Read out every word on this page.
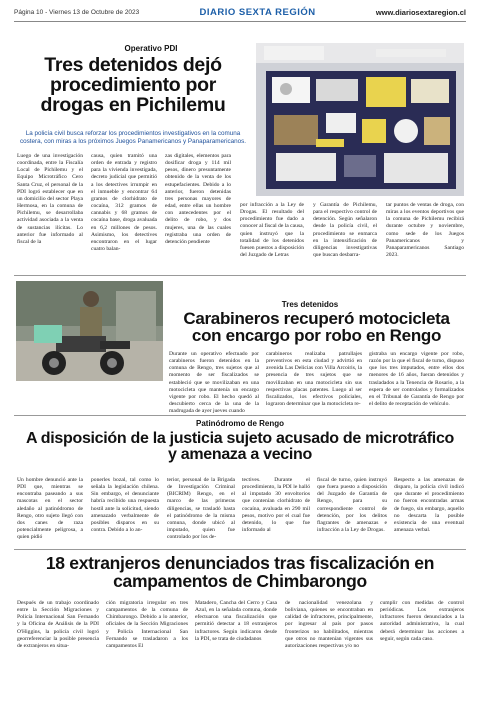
Página 10 - Viernes 13 de Octubre de 2023	DIARIO SEXTA REGIÓN	www.diariosextaregion.cl
Operativo PDI
Tres detenidos dejó procedimiento por drogas en Pichilemu
La policía civil busca reforzar los procedimientos investigativos en la comuna costera, con miras a los próximos Juegos Panamericanos y Panaparamericanos.
Luego de una investigación coordinada, entre la Fiscalía Local de Pichilemu y el Equipo Microtráfico Cero Santa Cruz, el personal de la PDI logró establecer que en un domicilio del sector Playa Hermosa, en la comuna de Pichilemu, se desarrollaba actividad asociada a la venta de sustancias ilícitas. Lo anterior fue informado al fiscal de la
causa, quien tramitó una orden de entrada y registro para la vivienda investigada, decreto judicial que permitió a los detectives irrumpir en el inmueble y encontrar 64 gramos de clorhidrato de cocaína, 312 gramos de cannabis y 68 gramos de cocaína base, droga avaluada en 6,2 millones de pesos. Asimismo, los detectives encontraron en el lugar cuatro balan-
zas digitales, elementos para dosificar droga y 114 mil pesos, dinero presuntamente obtenido de la venta de los estupefacientes. Debido a lo anterior, fueron detenidas tres personas mayores de edad, entre ellas un hombre con antecedentes por el delito de robo, y dos mujeres, una de las cuales registraba una orden de detención pendiente
por infracción a la Ley de Drogas. El resultado del procedimiento fue dado a conocer al fiscal de la causa, quien instruyó que la totalidad de los detenidos fuesen puestos a disposición del Juzgado de Letras
y Garantía de Pichilemu, para el respectivo control de detención. Según señalaron desde la policía civil, el procedimiento se enmarca en la intensificación de diligencias investigativas que buscan desbarra-
tar puntos de ventas de droga, con miras a los eventos deportivos que la comuna de Pichilemu recibirá durante octubre y noviembre, como sede de los Juegos Panamericanos y Panaparamericanos Santiago 2023.
Tres detenidos
Carabineros recuperó motocicleta con encargo por robo en Rengo
Durante un operativo efectuado por carabineros fueron detenidos en la comuna de Rengo, tres sujetos que al momento de ser fiscalizados se estableció que se movilizaban en una motocicleta que mantenía un encargo vigente por robo. El hecho quedó al descubierto cerca de la una de la madrugada de ayer jueves cuando
carabineros realizaba patrullajes preventivos en esta ciudad y advirtió en avenida Las Delicias con Villa Arcoiris, la presencia de tres sujetos que se movilizaban en una motocicleta sin sus respectivas placas patentes. Luego al ser fiscalizados, los efectivos policiales, lograron determinar que la motocicleta re-
gistraba un encargo vigente por robo, razón por la que el fiscal de turno, dispuso que los tres imputados, entre ellos dos menores de 16 años, fueran detenidos y trasladados a la Tenencia de Rosario, a la espera de ser controlados y formalizados en el Tribunal de Garantía de Rengo por el delito de receptación de vehículo.
Patinódromo de Rengo
A disposición de la justicia sujeto acusado de microtráfico y amenaza a vecino
Un hombre denunció ante la PDI que, mientras se encontraba paseando a sus mascotas en el sector aledaño al patinódromo de Rengo, otro sujeto llegó con dos canes de raza potencialmente peligrosa, a quien pidió
ponerles bozal, tal como lo señala la legislación chilena. Sin embargo, el denunciante habría recibido una respuesta hostil ante la solicitud, siendo amenazado verbalmente de posibles disparos en su contra. Debido a lo an-
terior, personal de la Brigada de Investigación Criminal (BICRIM) Rengo, en el marco de las primeras diligencias, se trasladó hasta el patinódromo de la misma comuna, donde ubicó al imputado, quien fue controlado por los de-
tectives. Durante el procedimiento, la PDI le halló al imputado 30 envoltorios que contenían clorhidrato de cocaína, avaluada en 290 mil pesos, motivo por el cual fue detenido, lo que fue informado al
fiscal de turno, quien instruyó que fuera puesto a disposición del Juzgado de Garantía de Rengo, para su correspondiente control de detención, por los delitos flagrantes de amenazas e infracción a la Ley de Drogas.
Respecto a las amenazas de disparo, la policía civil indicó que durante el procedimiento no fueron encontradas armas de fuego, sin embargo, aquello no descarta la posible existencia de una eventual amenaza verbal.
18 extranjeros denunciados tras fiscalización en campamentos de Chimbarongo
Después de un trabajo coordinado entre la Sección Migraciones y Policía Internacional San Fernando y la Oficina de Análisis de la PDI O'Higgins, la policía civil logró georreferenciar la posible presencia de extranjeros en situa-
ción migratoria irregular en tres campamentos de la comuna de Chimbarongo. Debido a lo anterior, oficiales de la Sección Migraciones y Policía Internacional San Fernando se trasladaron a los campamentos El
Matadero, Cancha del Cerro y Casa Azul, en la señalada comuna, donde efectuaron una fiscalización que permitió detectar a 18 extranjeros infractores. Según indicaron desde la PDI, se trata de ciudadanos
de nacionalidad venezolana y boliviana, quienes se encontraban en calidad de infractores, principalmente, por ingresar al país por pasos fronterizos no habilitados, mientras que otros no mantenían vigentes sus autorizaciones respectivas y/o no
cumplir con medidas de control periódicas. Los extranjeros infractores fueron denunciados a la autoridad administrativa, la cual deberá determinar las acciones a seguir, según cada caso.
